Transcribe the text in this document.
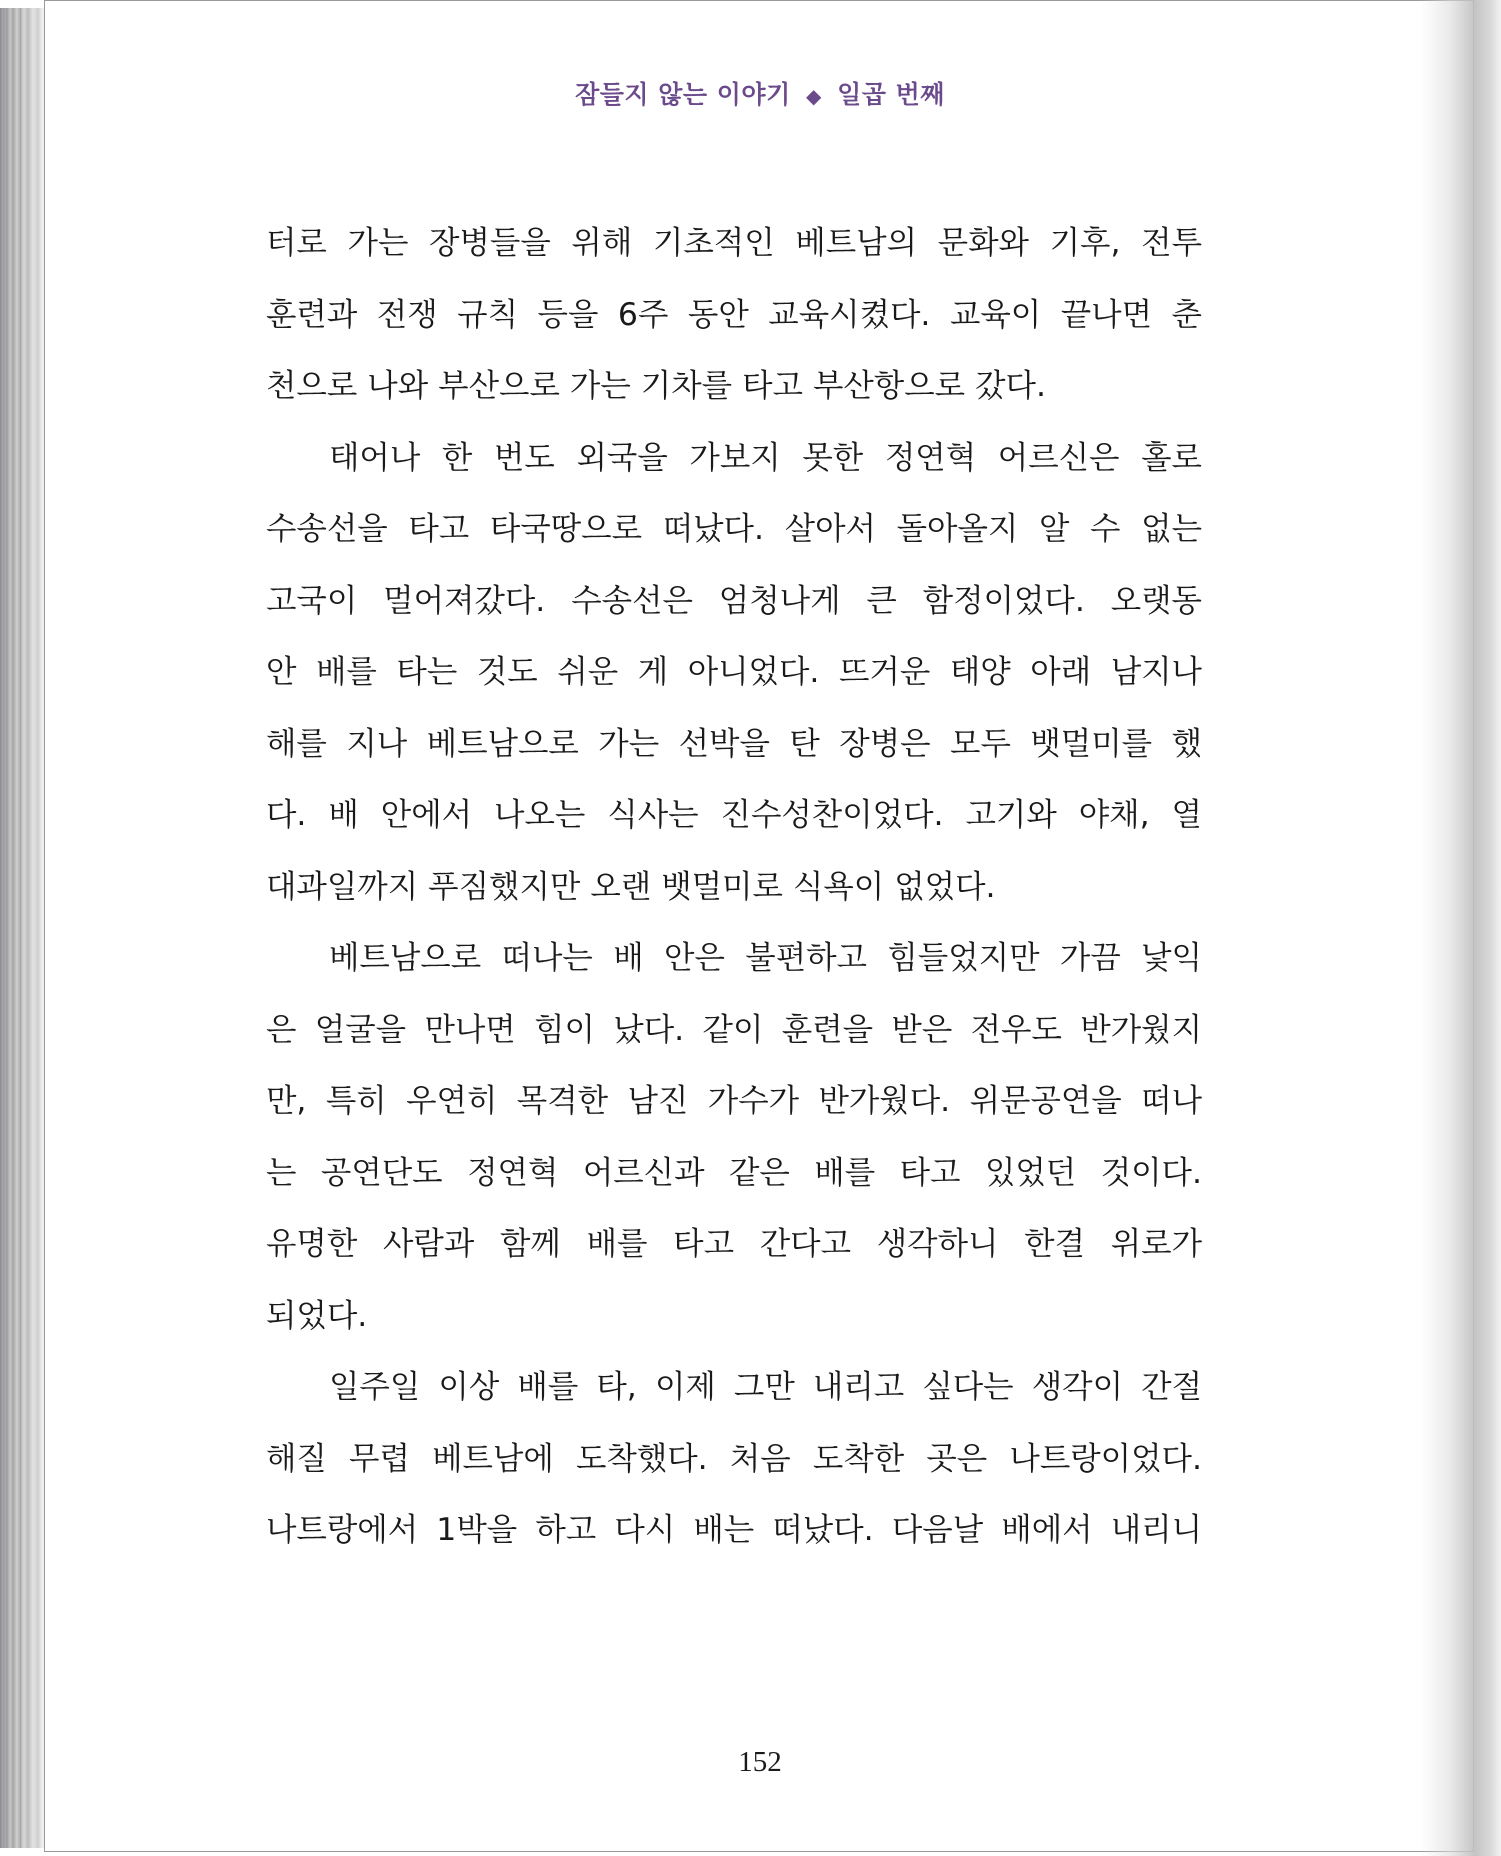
잠들지 않는 이야기 ◆ 일곱 번째
터로 가는 장병들을 위해 기초적인 베트남의 문화와 기후, 전투
훈련과 전쟁 규칙 등을 6주 동안 교육시켰다. 교육이 끝나면 춘
천으로 나와 부산으로 가는 기차를 타고 부산항으로 갔다.
태어나 한 번도 외국을 가보지 못한 정연혁 어르신은 홀로
수송선을 타고 타국땅으로 떠났다. 살아서 돌아올지 알 수 없는
고국이 멀어져갔다. 수송선은 엄청나게 큰 함정이었다. 오랫동
안 배를 타는 것도 쉬운 게 아니었다. 뜨거운 태양 아래 남지나
해를 지나 베트남으로 가는 선박을 탄 장병은 모두 뱃멀미를 했
다. 배 안에서 나오는 식사는 진수성찬이었다. 고기와 야채, 열
대과일까지 푸짐했지만 오랜 뱃멀미로 식욕이 없었다.
베트남으로 떠나는 배 안은 불편하고 힘들었지만 가끔 낯익
은 얼굴을 만나면 힘이 났다. 같이 훈련을 받은 전우도 반가웠지
만, 특히 우연히 목격한 남진 가수가 반가웠다. 위문공연을 떠나
는 공연단도 정연혁 어르신과 같은 배를 타고 있었던 것이다.
유명한 사람과 함께 배를 타고 간다고 생각하니 한결 위로가
되었다.
일주일 이상 배를 타, 이제 그만 내리고 싶다는 생각이 간절
해질 무렵 베트남에 도착했다. 처음 도착한 곳은 나트랑이었다.
나트랑에서 1박을 하고 다시 배는 떠났다. 다음날 배에서 내리니
152
